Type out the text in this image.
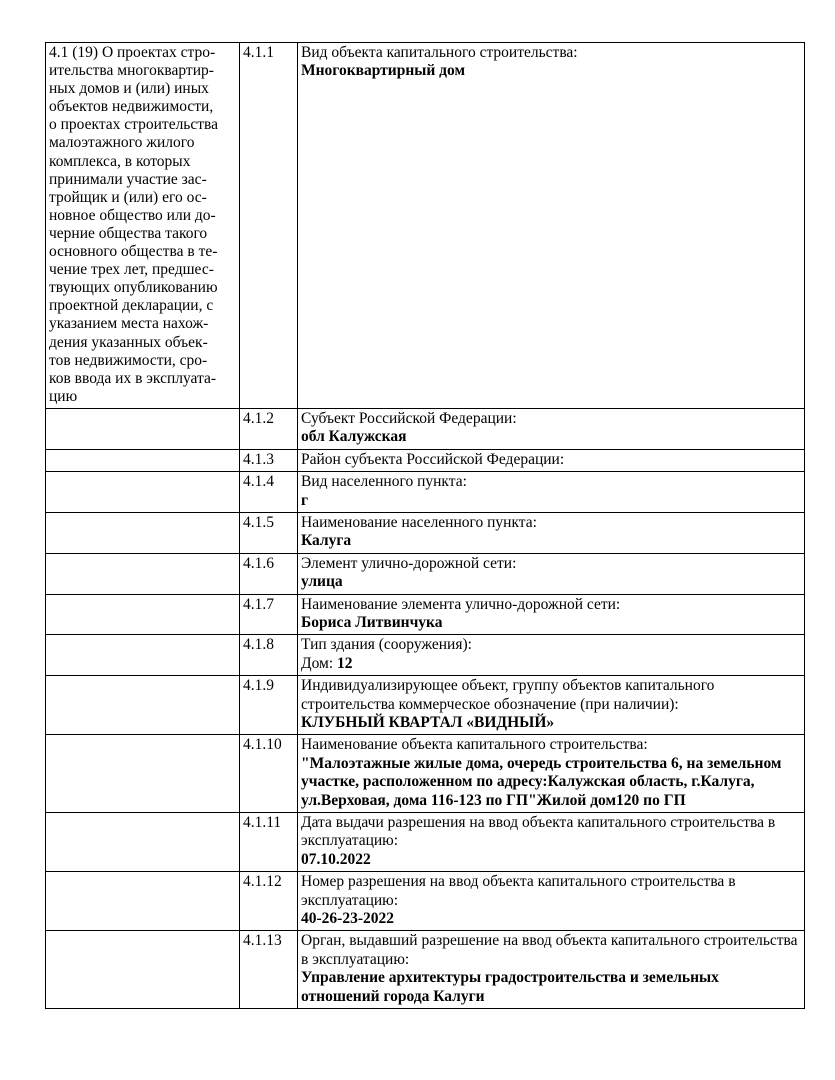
4.1 (19) О проектах стро-
ительства многоквартир-
ных домов и (или) иных
объектов недвижимости,
о проектах строительства
малоэтажного жилого
комплекса, в которых
принимали участие зас-
тройщик и (или) его ос-
новное общество или до-
черние общества такого
основного общества в те-
чение трех лет, предшес-
твующих опубликованию
проектной декларации, с
указанием места нахож-
дения указанных объек-
тов недвижимости, сро-
ков ввода их в эксплуата-
цию
	4.1.1	Вид объекта капитального строительства:
Многоквартирный дом

	4.1.2	Субъект Российской Федерации:
обл Калужская

	4.1.3	Район субъекта Российской Федерации:

	4.1.4	Вид населенного пункта:
г

	4.1.5	Наименование населенного пункта:
Калуга

	4.1.6	Элемент улично-дорожной сети:
улица

	4.1.7	Наименование элемента улично-дорожной сети:
Бориса Литвинчука

	4.1.8	Тип здания (сооружения):
Дом: 12

	4.1.9	Индивидуализирующее объект, группу объектов капитального строительства коммерческое обозначение (при наличии):
КЛУБНЫЙ КВАРТАЛ «ВИДНЫЙ»

	4.1.10	Наименование объекта капитального строительства:
"Малоэтажные жилые дома, очередь строительства 6, на земельном участке, расположенном по адресу:Калужская область, г.Калуга, ул.Верховая, дома 116-123 по ГП"Жилой дом120 по ГП

	4.1.11	Дата выдачи разрешения на ввод объекта капитального строительства в эксплуатацию:
07.10.2022

	4.1.12	Номер разрешения на ввод объекта капитального строительства в эксплуатацию:
40-26-23-2022

	4.1.13	Орган, выдавший разрешение на ввод объекта капитального строительства в эксплуатацию:
Управление архитектуры градостроительства и земельных отношений города Калуги
